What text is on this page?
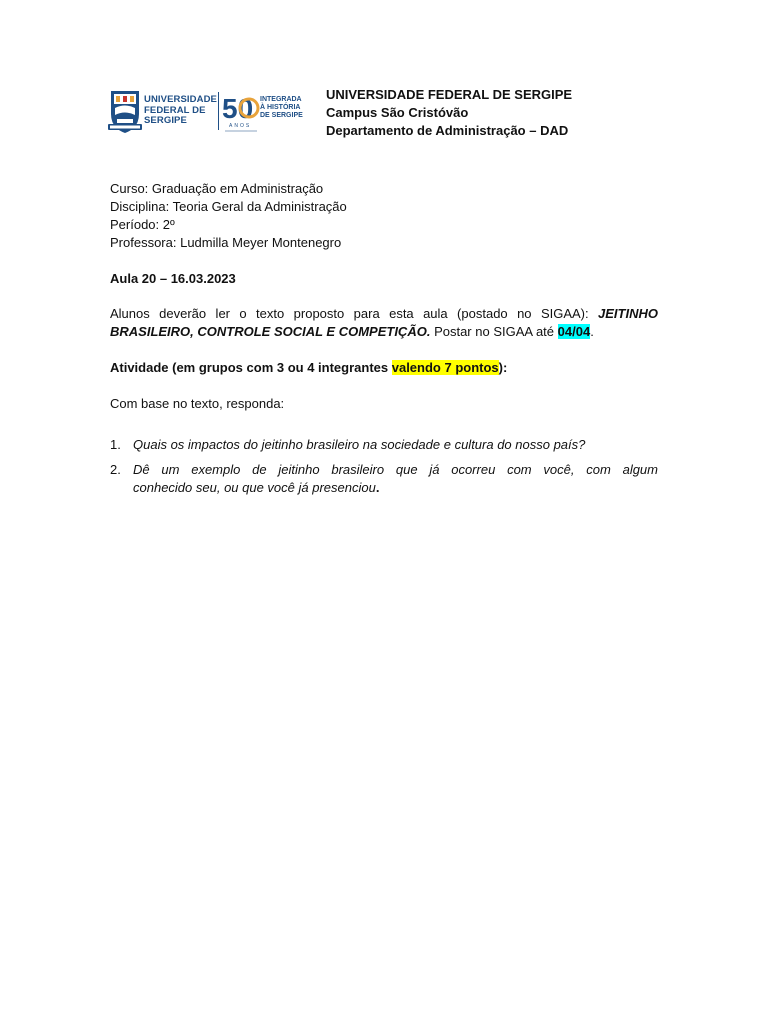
UNIVERSIDADE
FEDERAL DE
SERGIPE	50
ANOS
INTEGRADA
À HISTÓRIA
DE SERGIPE
UNIVERSIDADE FEDERAL DE SERGIPE
Campus São Cristóvão
Departamento de Administração – DAD
Curso: Graduação em Administração
Disciplina: Teoria Geral da Administração
Período: 2º
Professora: Ludmilla Meyer Montenegro
Aula 20 – 16.03.2023
Alunos deverão ler o texto proposto para esta aula (postado no SIGAA): JEITINHO
BRASILEIRO, CONTROLE SOCIAL E COMPETIÇÃO. Postar no SIGAA até 04/04.
Atividade (em grupos com 3 ou 4 integrantes valendo 7 pontos):
Com base no texto, responda:
1. Quais os impactos do jeitinho brasileiro na sociedade e cultura do nosso país?
2. Dê um exemplo de jeitinho brasileiro que já ocorreu com você, com algum
conhecido seu, ou que você já presenciou.
